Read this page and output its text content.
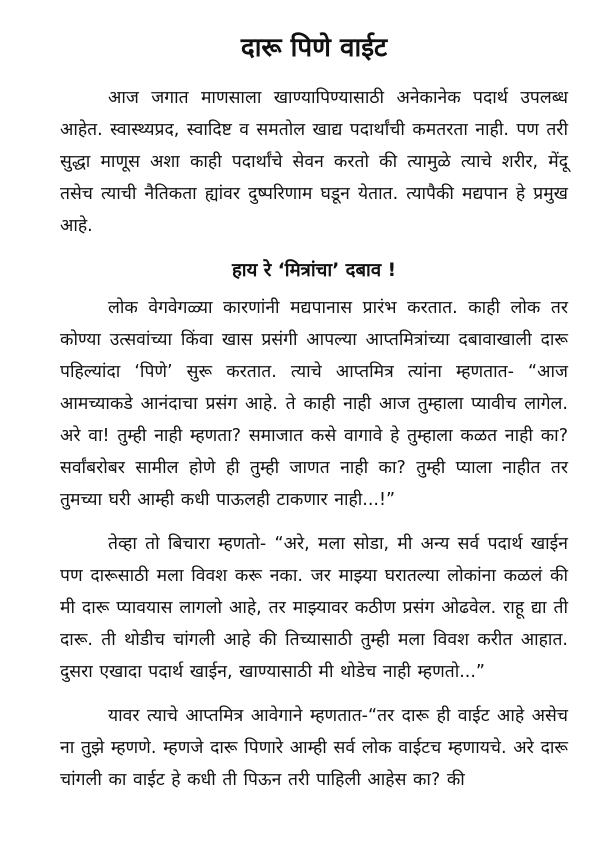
दारू पिणे वाईट

आज जगात माणसाला खाण्यापिण्यासाठी अनेकानेक पदार्थ उपलब्ध आहेत. स्वास्थ्यप्रद, स्वादिष्ट व समतोल खाद्य पदार्थांची कमतरता नाही. पण तरी सुद्धा माणूस अशा काही पदार्थांचे सेवन करतो की त्यामुळे त्याचे शरीर, मेंदू तसेच त्याची नैतिकता ह्यांवर दुष्परिणाम घडून येतात. त्यापैकी मद्यपान हे प्रमुख आहे.

हाय रे ‘मित्रांचा’ दबाव !

लोक वेगवेगळ्या कारणांनी मद्यपानास प्रारंभ करतात. काही लोक तर कोण्या उत्सवांच्या किंवा खास प्रसंगी आपल्या आप्तमित्रांच्या दबावाखाली दारू पहिल्यांदा ‘पिणे’ सुरू करतात. त्याचे आप्तमित्र त्यांना म्हणतात- “आज आमच्याकडे आनंदाचा प्रसंग आहे. ते काही नाही आज तुम्हाला प्यावीच लागेल. अरे वा! तुम्ही नाही म्हणता? समाजात कसे वागावे हे तुम्हाला कळत नाही का? सर्वांबरोबर सामील होणे ही तुम्ही जाणत नाही का? तुम्ही प्याला नाहीत तर तुमच्या घरी आम्ही कधी पाऊलही टाकणार नाही...!”

तेव्हा तो बिचारा म्हणतो- “अरे, मला सोडा, मी अन्य सर्व पदार्थ खाईन पण दारूसाठी मला विवश करू नका. जर माझ्या घरातल्या लोकांना कळलं की मी दारू प्यावयास लागलो आहे, तर माझ्यावर कठीण प्रसंग ओढवेल. राहू द्या ती दारू. ती थोडीच चांगली आहे की तिच्यासाठी तुम्ही मला विवश करीत आहात. दुसरा एखादा पदार्थ खाईन, खाण्यासाठी मी थोडेच नाही म्हणतो...”

यावर त्याचे आप्तमित्र आवेगाने म्हणतात-“तर दारू ही वाईट आहे असेच ना तुझे म्हणणे. म्हणजे दारू पिणारे आम्ही सर्व लोक वाईटच म्हणायचे. अरे दारू चांगली का वाईट हे कधी ती पिऊन तरी पाहिली आहेस का? की
